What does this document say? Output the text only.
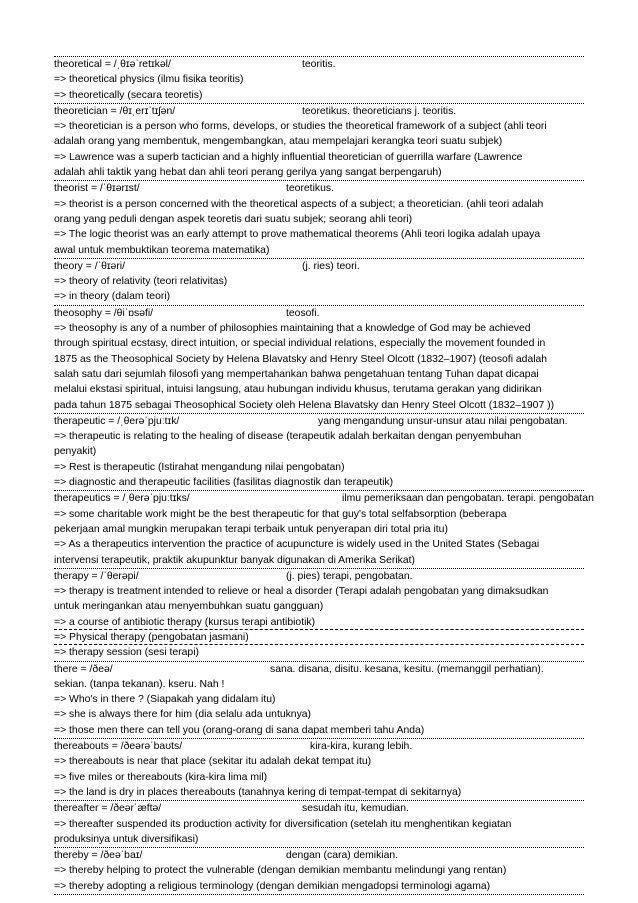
theoretical = /ˌθɪəˈretɪkəl/	teoritis.
=> theoretical physics (ilmu fisika teoritis)
=> theoretically (secara teoretis)
theoretician = /θɪˌerɪˈtɪʃən/	teoretikus. theoreticians j. teoritis.
=> theoretician is a person who forms, develops, or studies the theoretical framework of a subject (ahli teori
adalah orang yang membentuk, mengembangkan, atau mempelajari kerangka teori suatu subjek)
=> Lawrence was a superb tactician and a highly influential theoretician of guerrilla warfare (Lawrence
adalah ahli taktik yang hebat dan ahli teori perang gerilya yang sangat berpengaruh)
theorist = /ˈθɪərɪst/	teoretikus.
=> theorist is a person concerned with the theoretical aspects of a subject; a theoretician. (ahli teori adalah
orang yang peduli dengan aspek teoretis dari suatu subjek; seorang ahli teori)
=> The logic theorist was an early attempt to prove mathematical theorems (Ahli teori logika adalah upaya
awal untuk membuktikan teorema matematika)
theory = /ˈθɪəri/	(j. ries) teori.
=> theory of relativity (teori relativitas)
=> in theory (dalam teori)
theosophy = /θiˈɒsəfi/	teosofi.
=> theosophy is any of a number of philosophies maintaining that a knowledge of God may be achieved
through spiritual ecstasy, direct intuition, or special individual relations, especially the movement founded in
1875 as the Theosophical Society by Helena Blavatsky and Henry Steel Olcott (1832–1907) (teosofi adalah
salah satu dari sejumlah filosofi yang mempertahankan bahwa pengetahuan tentang Tuhan dapat dicapai
melalui ekstasi spiritual, intuisi langsung, atau hubungan individu khusus, terutama gerakan yang didirikan
pada tahun 1875 sebagai Theosophical Society oleh Helena Blavatsky dan Henry Steel Olcott (1832–1907 ))
therapeutic = /ˌθerəˈpjuːtɪk/	yang mengandung unsur-unsur atau nilai pengobatan.
=> therapeutic is relating to the healing of disease (terapeutik adalah berkaitan dengan penyembuhan
penyakit)
=> Rest is therapeutic (Istirahat mengandung nilai pengobatan)
=> diagnostic and therapeutic facilities (fasilitas diagnostik dan terapeutik)
therapeutics = /ˌθerəˈpjuːtɪks/	ilmu pemeriksaan dan pengobatan. terapi. pengobatan
=> some charitable work might be the best therapeutic for that guy's total selfabsorption (beberapa
pekerjaan amal mungkin merupakan terapi terbaik untuk penyerapan diri total pria itu)
=> As a therapeutics intervention the practice of acupuncture is widely used in the United States (Sebagai
intervensi terapeutik, praktik akupunktur banyak digunakan di Amerika Serikat)
therapy = /ˈθerəpi/	(j. pies) terapi, pengobatan.
=> therapy is treatment intended to relieve or heal a disorder (Terapi adalah pengobatan yang dimaksudkan
untuk meringankan atau menyembuhkan suatu gangguan)
=> a course of antibiotic therapy (kursus terapi antibiotik)
=> Physical therapy (pengobatan jasmani)
=> therapy session (sesi terapi)
there = /ðeə/	sana. disana, disitu. kesana, kesitu. (memanggil perhatian).
sekian. (tanpa tekanan). kseru. Nah !
=> Who's in there ? (Siapakah yang didalam itu)
=> she is always there for him (dia selalu ada untuknya)
=> those men there can tell you (orang-orang di sana dapat memberi tahu Anda)
thereabouts = /ðeərəˈbaʊts/	kira-kira, kurang lebih.
=> thereabouts is near that place (sekitar itu adalah dekat tempat itu)
=> five miles or thereabouts (kira-kira lima mil)
=> the land is dry in places thereabouts (tanahnya kering di tempat-tempat di sekitarnya)
thereafter = /ðeərˈæftə/	sesudah itu, kemudian.
=> thereafter suspended its production activity for diversification (setelah itu menghentikan kegiatan
produksinya untuk diversifikasi)
thereby = /ðeəˈbaɪ/	dengan (cara) demikian.
=> thereby helping to protect the vulnerable (dengan demikian membantu melindungi yang rentan)
=> thereby adopting a religious terminology (dengan demikian mengadopsi terminologi agama)
